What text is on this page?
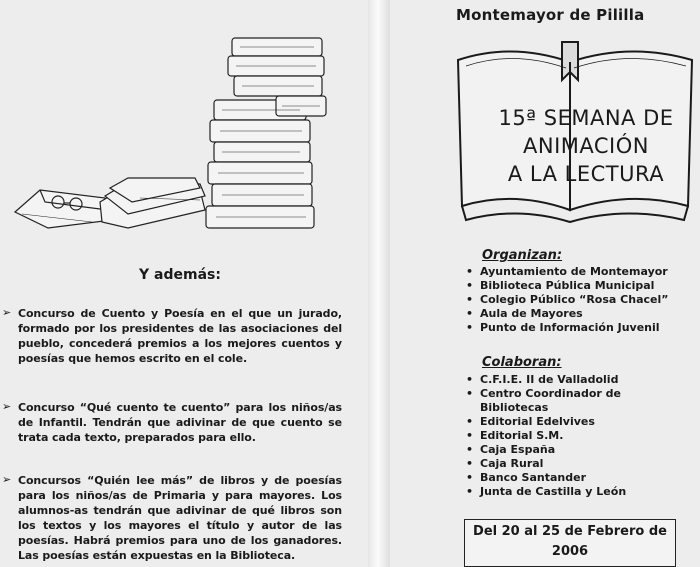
Y además:
➢ Concurso de Cuento y Poesía en el que un jurado, formado por los presidentes de las asociaciones del pueblo, concederá premios a los mejores cuentos y poesías que hemos escrito en el cole.
➢ Concurso “Qué cuento te cuento” para los niños/as de Infantil. Tendrán que adivinar de que cuento se trata cada texto, preparados para ello.
➢ Concursos “Quién lee más” de libros y de poesías para los niños/as de Primaria y para mayores. Los alumnos-as tendrán que adivinar de qué libros son los textos y los mayores el título y autor de las poesías. Habrá premios para uno de los ganadores. Las poesías están expuestas en la Biblioteca.
Montemayor de Pililla
15ª SEMANA DE
ANIMACIÓN
A LA LECTURA
Organizan:
• Ayuntamiento de Montemayor
• Biblioteca Pública Municipal
• Colegio Público “Rosa Chacel”
• Aula de Mayores
• Punto de Información Juvenil
Colaboran:
• C.F.I.E. II de Valladolid
• Centro Coordinador de Bibliotecas
• Editorial Edelvives
• Editorial S.M.
• Caja España
• Caja Rural
• Banco Santander
• Junta de Castilla y León
Del 20 al 25 de Febrero de
2006
